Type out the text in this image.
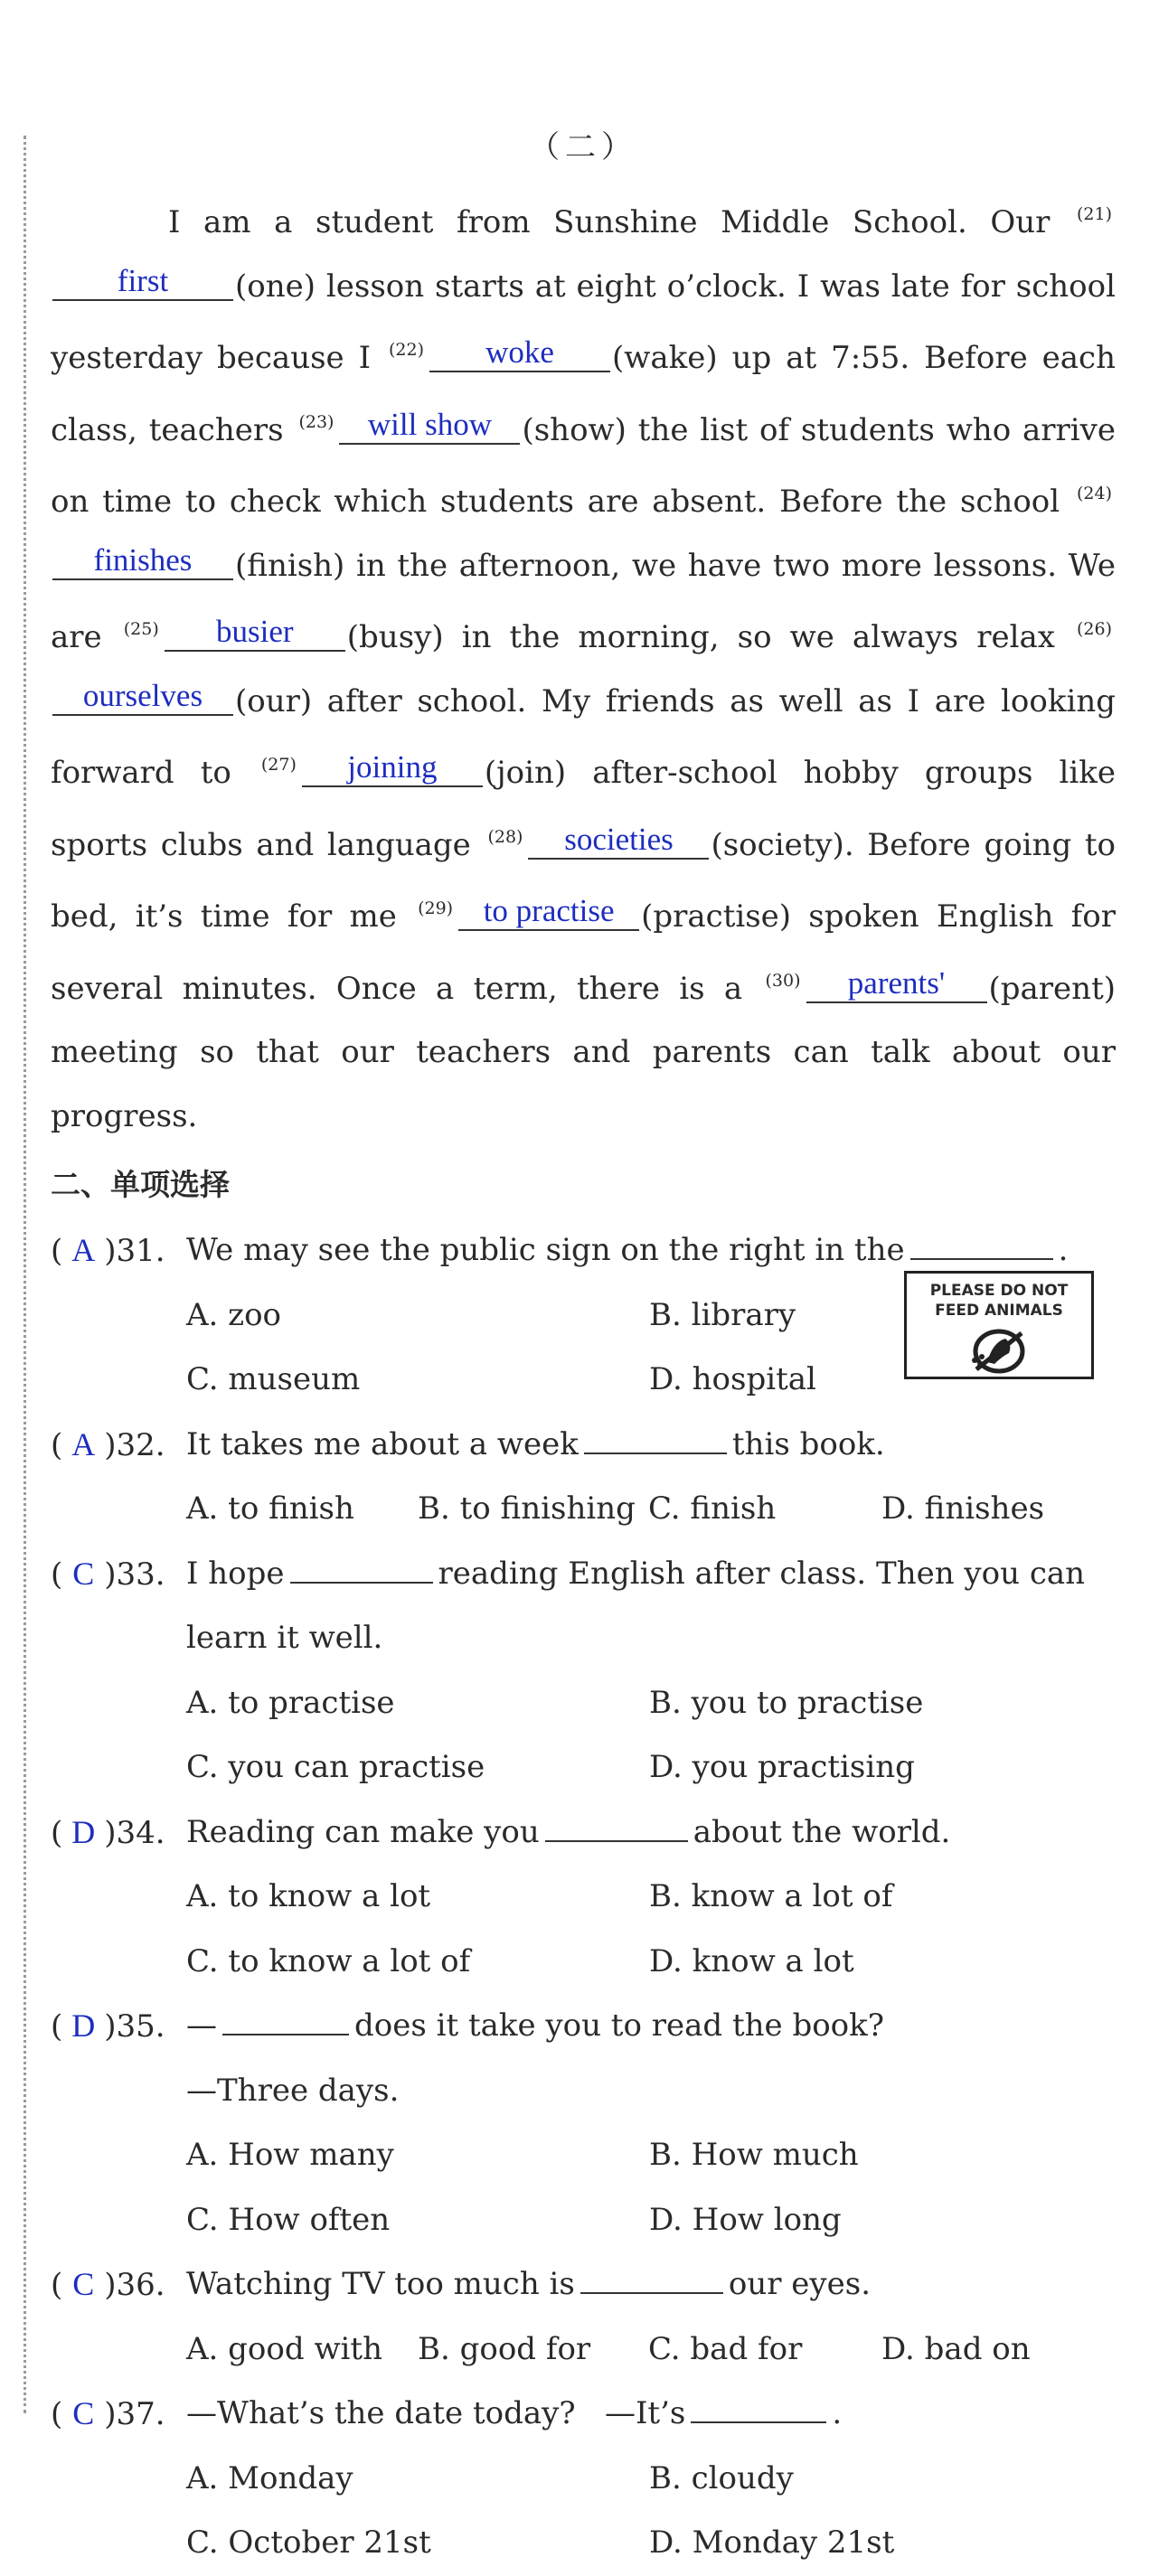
（二）
I am a student from Sunshine Middle School. Our $^{(21)}$first (one) lesson starts at eight o’clock. I was late for school yesterday because I $^{(22)}$ woke (wake) up at 7:55. Before each class, teachers $^{(23)}$ will show (show) the list of students who arrive on time to check which students are absent. Before the school $^{(24)}$finishes (finish) in the afternoon, we have two more lessons. We are $^{(25)}$ busier (busy) in the morning, so we always relax $^{(26)}$ourselves (our) after school. My friends as well as I are looking forward to $^{(27)}$ joining (join) after-school hobby groups like sports clubs and language $^{(28)}$ societies (society). Before going to bed, it’s time for me $^{(29)}$ to practise (practise) spoken English for several minutes. Once a term, there is a $^{(30)}$ parents' (parent) meeting so that our teachers and parents can talk about our progress.
二、单项选择
PLEASE DO NOT
FEED ANIMALS
( A )31. We may see the public sign on the right in the	.
A. zoo	B. library
C. museum	D. hospital
( A )32. It takes me about a week	this book.
A. to finish	B. to finishing C. finish	D. finishes
( C )33. I hope	reading English after class. Then you can
learn it well.
A. to practise	B. you to practise
C. you can practise	D. you practising
( D )34. Reading can make you	about the world.
A. to know a lot	B. know a lot of
C. to know a lot of	D. know a lot
( D )35. —	does it take you to read the book?
—Three days.
A. How many	B. How much
C. How often	D. How long
( C )36. Watching TV too much is	our eyes.
A. good with	B. good for	C. bad for	D. bad on
( C )37. —What’s the date today?   —It’s	.
A. Monday	B. cloudy
C. October 21st	D. Monday 21st
